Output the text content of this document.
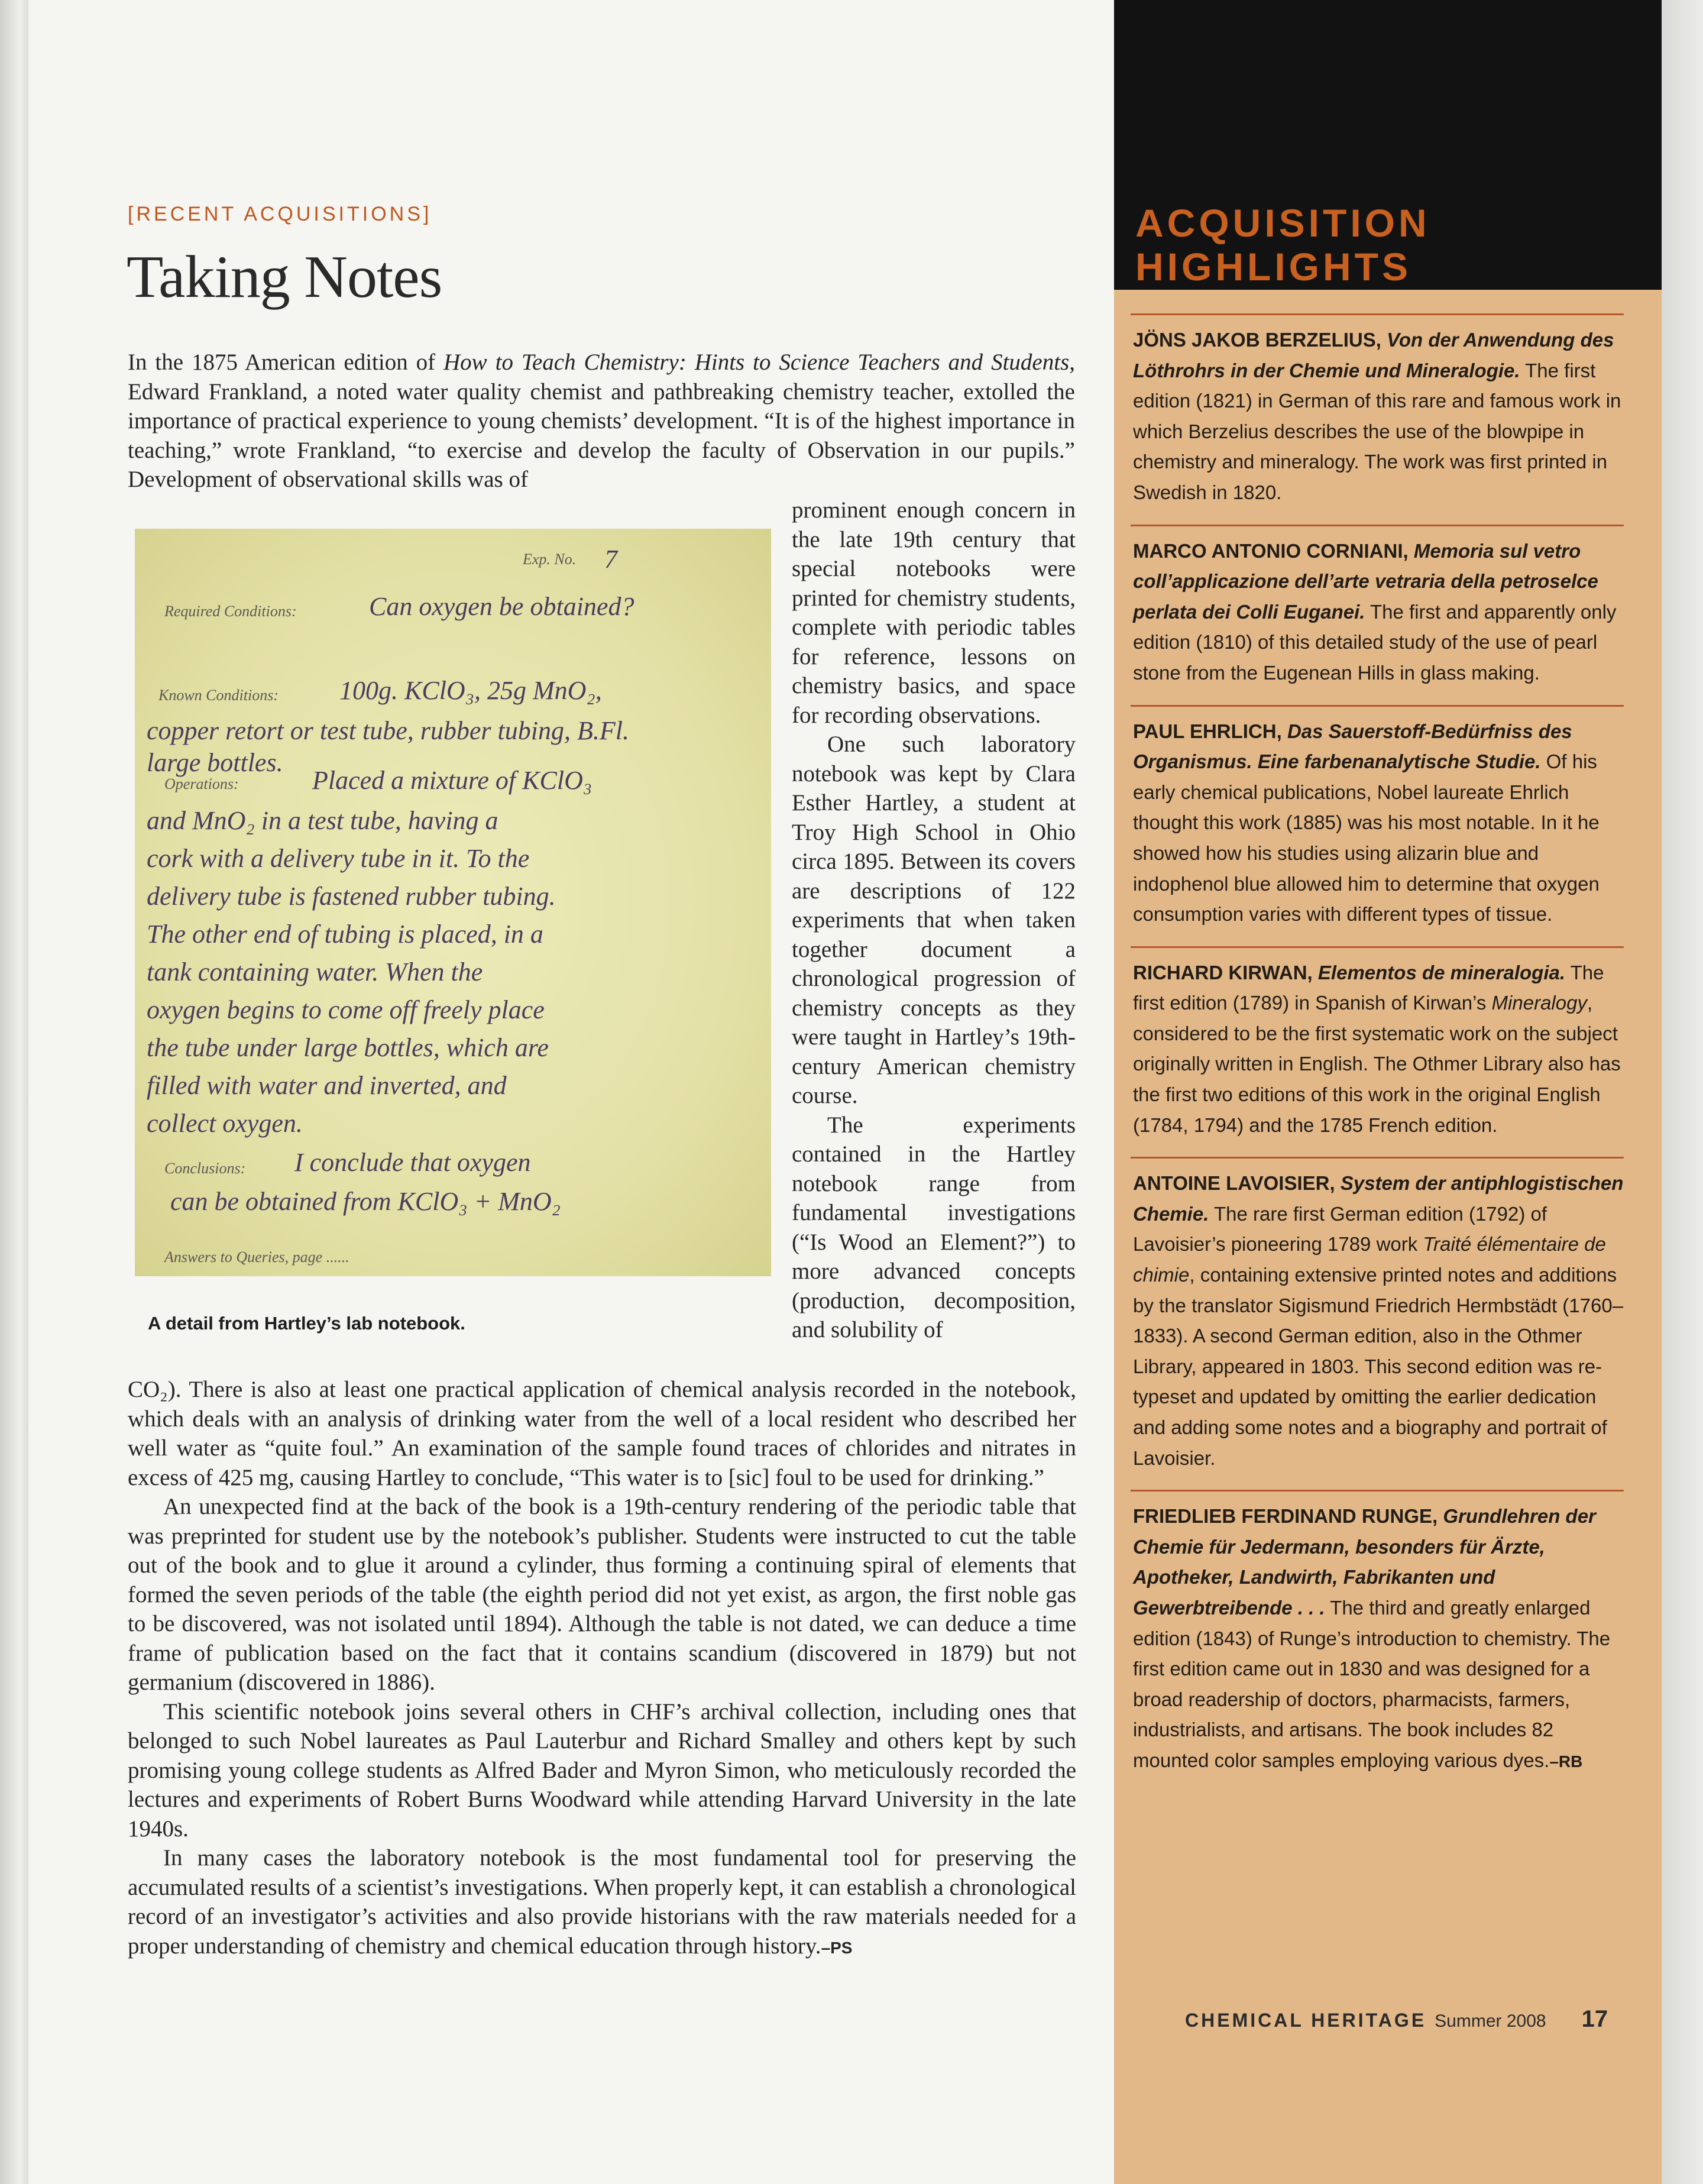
[RECENT ACQUISITIONS]
Taking Notes

In the 1875 American edition of How to Teach Chemistry: Hints to Science Teachers and Students, Edward Frankland, a noted water quality chemist and pathbreaking chemistry teacher, extolled the importance of practical experience to young chemists’ development. “It is of the highest importance in teaching,” wrote Frankland, “to exercise and develop the faculty of Observation in our pupils.” Development of observational skills was of

prominent enough concern in the late 19th century that special notebooks were printed for chemistry students, complete with periodic tables for reference, lessons on chemistry basics, and space for recording observations.

One such laboratory notebook was kept by Clara Esther Hartley, a student at Troy High School in Ohio circa 1895. Between its covers are descriptions of 122 experiments that when taken together document a chronological progression of chemistry concepts as they were taught in Hartley’s 19th-century American chemistry course.

The experiments contained in the Hartley notebook range from fundamental investigations (“Is Wood an Element?”) to more advanced concepts (production, decomposition, and solubility of

Exp. No.
Required Conditions:
Known Conditions:
Operations:
Conclusions:
Answers to Queries, page ......
7
Can oxygen be obtained?
100g. KClO₃, 25g MnO₂,
copper retort or test tube, rubber tubing, B.Fl.
large bottles.
Placed a mixture of KClO₃
and MnO₂ in a test tube, having a
cork with a delivery tube in it. To the
delivery tube is fastened rubber tubing.
The other end of tubing is placed, in a
tank containing water. When the
oxygen begins to come off freely place
the tube under large bottles, which are
filled with water and inverted, and
collect oxygen.
I conclude that oxygen
can be obtained from KClO₃ + MnO₂
A detail from Hartley’s lab notebook.

CO₂). There is also at least one practical application of chemical analysis recorded in the notebook, which deals with an analysis of drinking water from the well of a local resident who described her well water as “quite foul.” An examination of the sample found traces of chlorides and nitrates in excess of 425 mg, causing Hartley to conclude, “This water is to [sic] foul to be used for drinking.”

An unexpected find at the back of the book is a 19th-century rendering of the periodic table that was preprinted for student use by the notebook’s publisher. Students were instructed to cut the table out of the book and to glue it around a cylinder, thus forming a continuing spiral of elements that formed the seven periods of the table (the eighth period did not yet exist, as argon, the first noble gas to be discovered, was not isolated until 1894). Although the table is not dated, we can deduce a time frame of publication based on the fact that it contains scandium (discovered in 1879) but not germanium (discovered in 1886).

This scientific notebook joins several others in CHF’s archival collection, including ones that belonged to such Nobel laureates as Paul Lauterbur and Richard Smalley and others kept by such promising young college students as Alfred Bader and Myron Simon, who meticulously recorded the lectures and experiments of Robert Burns Woodward while attending Harvard University in the late 1940s.

In many cases the laboratory notebook is the most fundamental tool for preserving the accumulated results of a scientist’s investigations. When properly kept, it can establish a chronological record of an investigator’s activities and also provide historians with the raw materials needed for a proper understanding of chemistry and chemical education through history.–PS

ACQUISITION HIGHLIGHTS
JÖNS JAKOB BERZELIUS, Von der Anwendung des Löthrohrs in der Chemie und Mineralogie. The first edition (1821) in German of this rare and famous work in which Berzelius describes the use of the blowpipe in chemistry and mineralogy. The work was first printed in Swedish in 1820.
MARCO ANTONIO CORNIANI, Memoria sul vetro coll’applicazione dell’arte vetraria della petroselce perlata dei Colli Euganei. The first and apparently only edition (1810) of this detailed study of the use of pearl stone from the Eugenean Hills in glass making.
PAUL EHRLICH, Das Sauerstoff-Bedürfniss des Organismus. Eine farbenanalytische Studie. Of his early chemical publications, Nobel laureate Ehrlich thought this work (1885) was his most notable. In it he showed how his studies using alizarin blue and indophenol blue allowed him to determine that oxygen consumption varies with different types of tissue.
RICHARD KIRWAN, Elementos de mineralogia. The first edition (1789) in Spanish of Kirwan’s Mineralogy, considered to be the first systematic work on the subject originally written in English. The Othmer Library also has the first two editions of this work in the original English (1784, 1794) and the 1785 French edition.
ANTOINE LAVOISIER, System der antiphlogistischen Chemie. The rare first German edition (1792) of Lavoisier’s pioneering 1789 work Traité élémentaire de chimie, containing extensive printed notes and additions by the translator Sigismund Friedrich Hermbstädt (1760–1833). A second German edition, also in the Othmer Library, appeared in 1803. This second edition was re-typeset and updated by omitting the earlier dedication and adding some notes and a biography and portrait of Lavoisier.
FRIEDLIEB FERDINAND RUNGE, Grundlehren der Chemie für Jedermann, besonders für Ärzte, Apotheker, Landwirth, Fabrikanten und Gewerbtreibende . . . The third and greatly enlarged edition (1843) of Runge’s introduction to chemistry. The first edition came out in 1830 and was designed for a broad readership of doctors, pharmacists, farmers, industrialists, and artisans. The book includes 82 mounted color samples employing various dyes.–RB
CHEMICAL HERITAGE Summer 2008 17
